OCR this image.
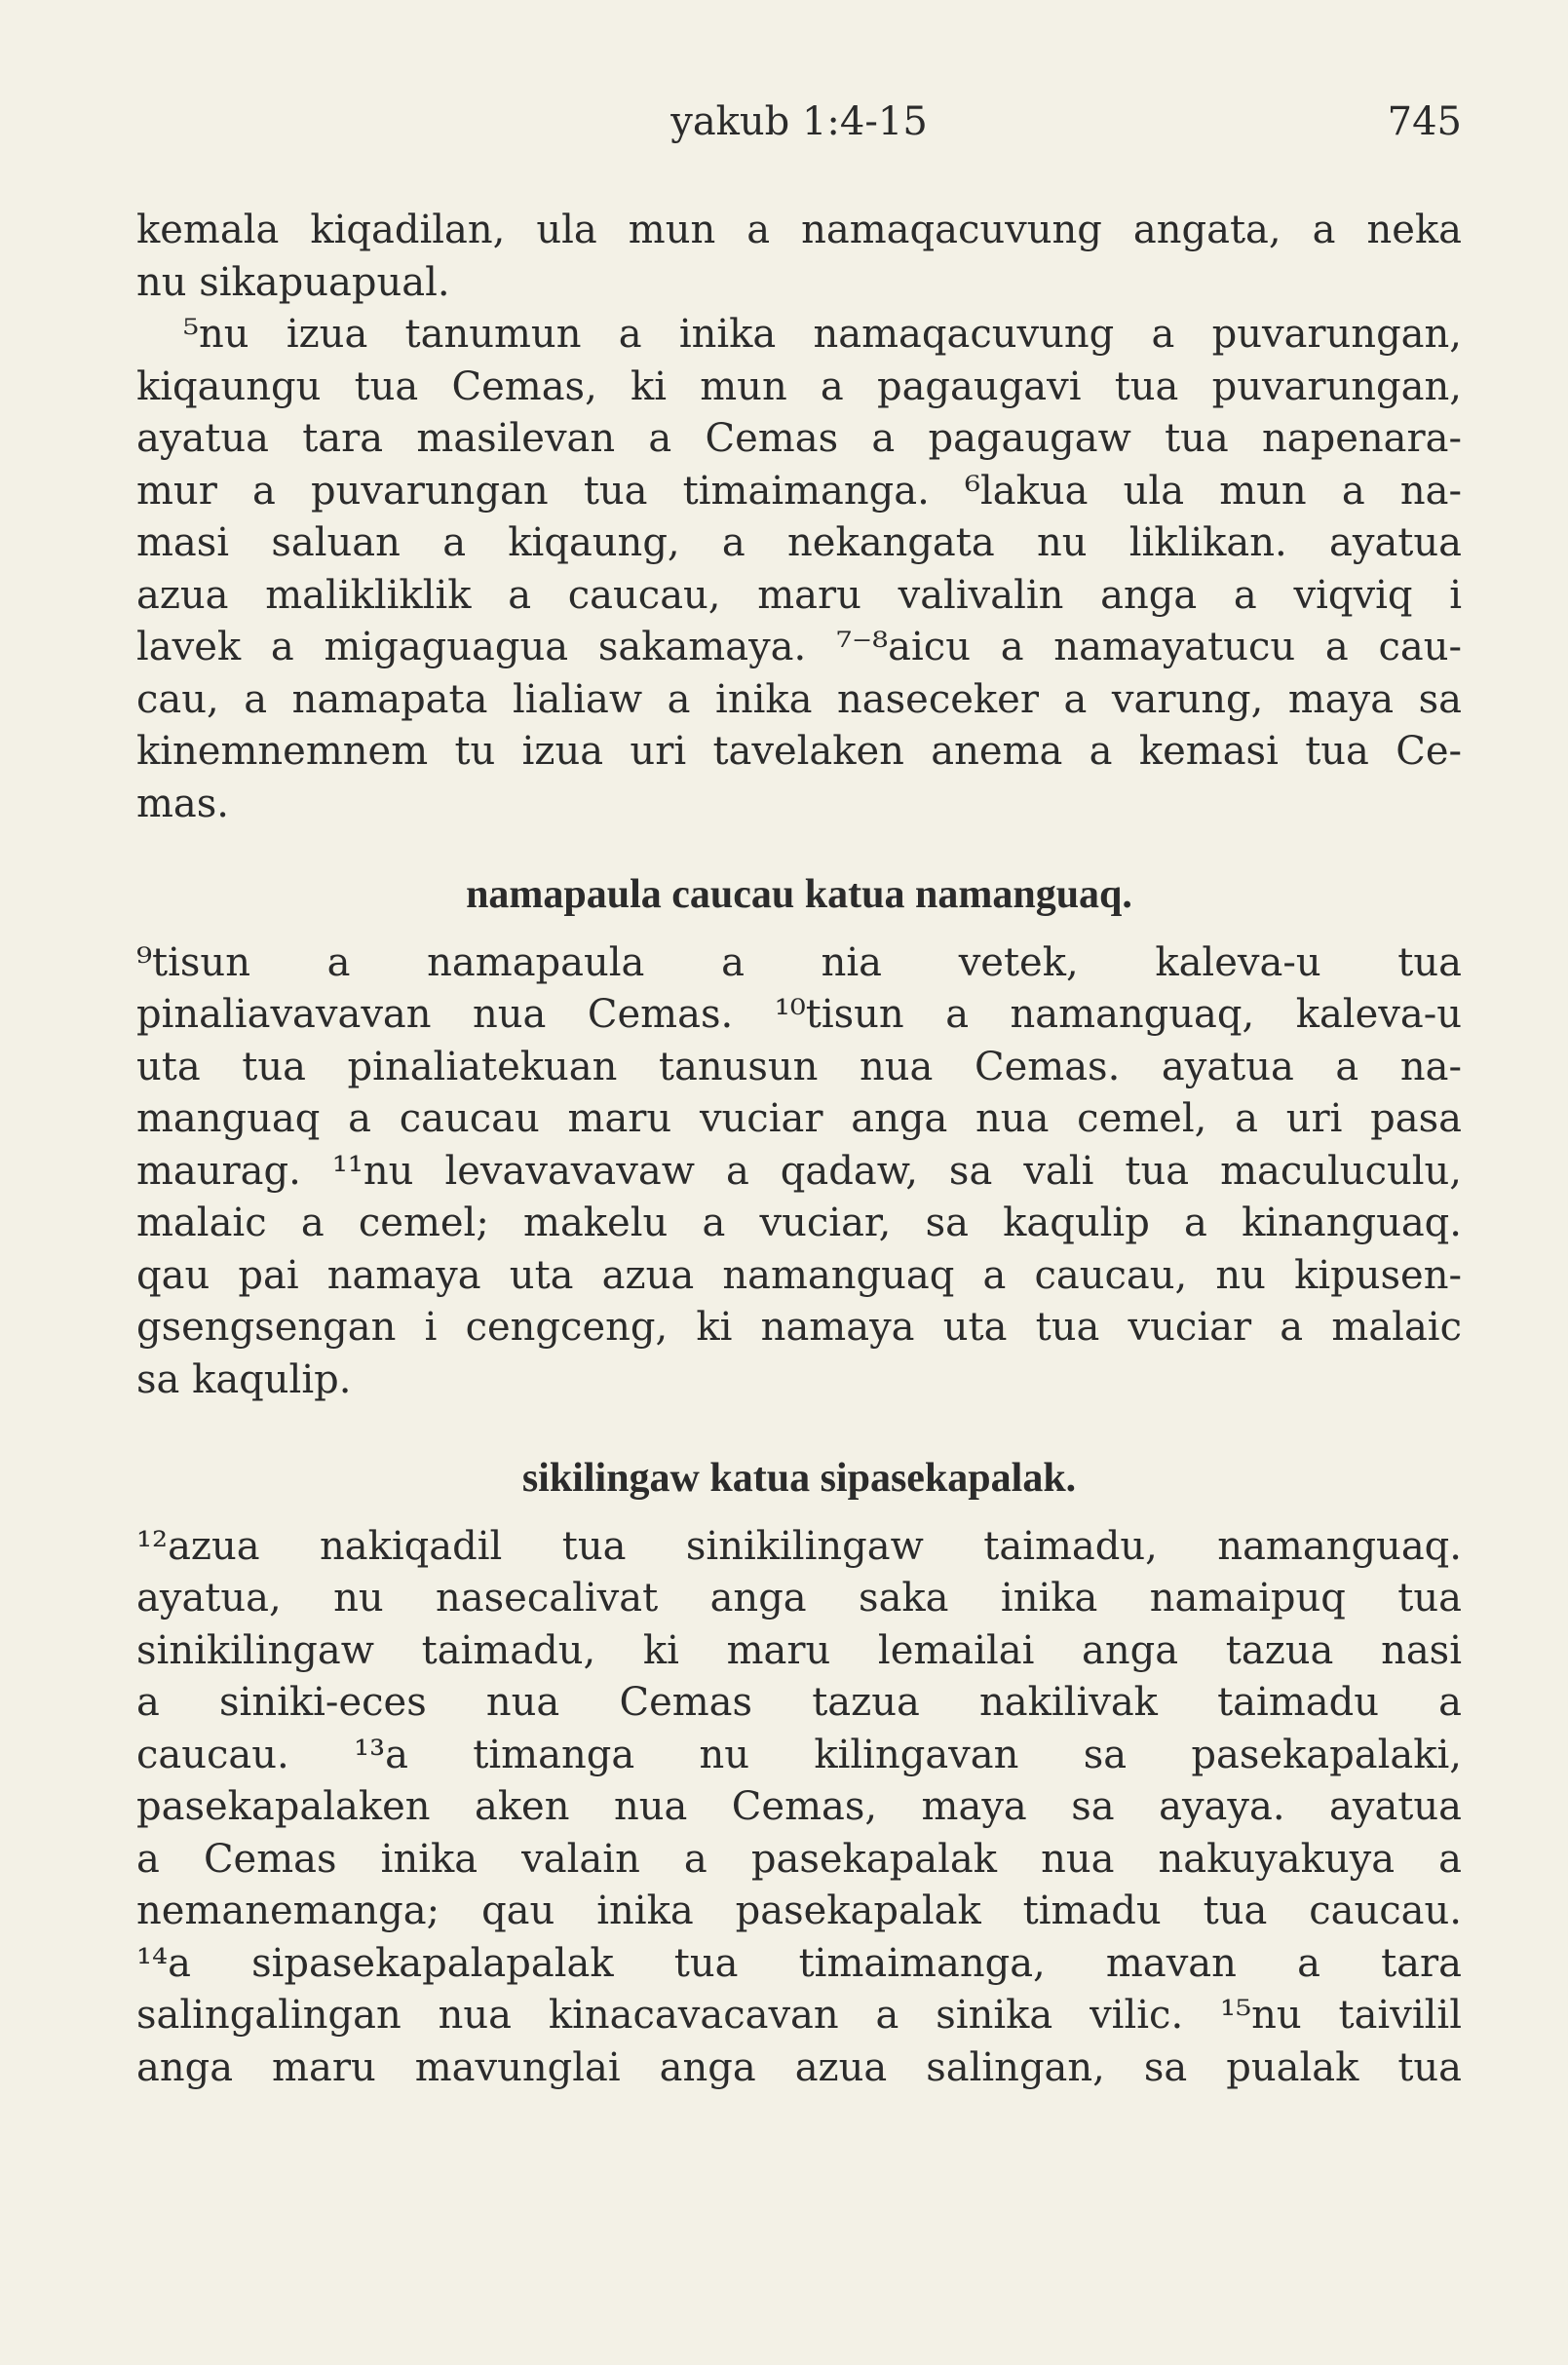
yakub 1:4-15	745
kemala kiqadilan, ula mun a namaqacuvung angata, a neka
nu sikapuapual.
⁵nu izua tanumun a inika namaqacuvung a puvarungan,
kiqaungu tua Cemas, ki mun a pagaugavi tua puvarungan,
ayatua tara masilevan a Cemas a pagaugaw tua napenara-
mur a puvarungan tua timaimanga. ⁶lakua ula mun a na-
masi saluan a kiqaung, a nekangata nu liklikan. ayatua
azua malikliklik a caucau, maru valivalin anga a viqviq i
lavek a migaguagua sakamaya. ⁷⁻⁸aicu a namayatucu a cau-
cau, a namapata lialiaw a inika naseceker a varung, maya sa
kinemnemnem tu izua uri tavelaken anema a kemasi tua Ce-
mas.
namapaula caucau katua namanguaq.
⁹tisun a namapaula a nia vetek, kaleva-u tua
pinaliavavavan nua Cemas. ¹⁰tisun a namanguaq, kaleva-u
uta tua pinaliatekuan tanusun nua Cemas. ayatua a na-
manguaq a caucau maru vuciar anga nua cemel, a uri pasa
maurag. ¹¹nu levavavavaw a qadaw, sa vali tua maculuculu,
malaic a cemel; makelu a vuciar, sa kaqulip a kinanguaq.
qau pai namaya uta azua namanguaq a caucau, nu kipusen-
gsengsengan i cengceng, ki namaya uta tua vuciar a malaic
sa kaqulip.
sikilingaw katua sipasekapalak.
¹²azua nakiqadil tua sinikilingaw taimadu, namanguaq.
ayatua, nu nasecalivat anga saka inika namaipuq tua
sinikilingaw taimadu, ki maru lemailai anga tazua nasi
a siniki-eces nua Cemas tazua nakilivak taimadu a
caucau. ¹³a timanga nu kilingavan sa pasekapalaki,
pasekapalaken aken nua Cemas, maya sa ayaya. ayatua
a Cemas inika valain a pasekapalak nua nakuyakuya a
nemanemanga; qau inika pasekapalak timadu tua caucau.
¹⁴a sipasekapalapalak tua timaimanga, mavan a tara
salingalingan nua kinacavacavan a sinika vilic. ¹⁵nu taivilil
anga maru mavunglai anga azua salingan, sa pualak tua
